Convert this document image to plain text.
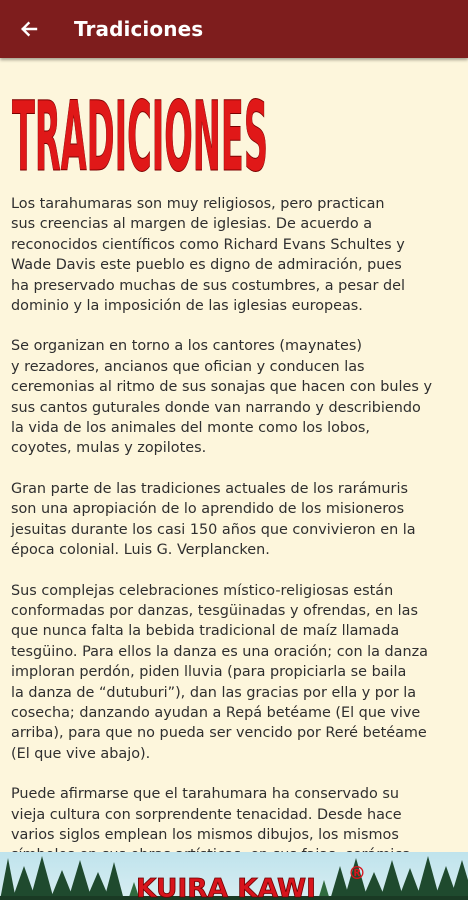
Tradiciones
TRADICIONES

Los tarahumaras son muy religiosos, pero practican
sus creencias al margen de iglesias. De acuerdo a
reconocidos científicos como Richard Evans Schultes y
Wade Davis este pueblo es digno de admiración, pues
ha preservado muchas de sus costumbres, a pesar del
dominio y la imposición de las iglesias europeas.

Se organizan en torno a los cantores (maynates)
y rezadores, ancianos que ofician y conducen las
ceremonias al ritmo de sus sonajas que hacen con bules y
sus cantos guturales donde van narrando y describiendo
la vida de los animales del monte como los lobos,
coyotes, mulas y zopilotes.

Gran parte de las tradiciones actuales de los rarámuris
son una apropiación de lo aprendido de los misioneros
jesuitas durante los casi 150 años que convivieron en la
época colonial. Luis G. Verplancken.

Sus complejas celebraciones místico-religiosas están
conformadas por danzas, tesgüinadas y ofrendas, en las
que nunca falta la bebida tradicional de maíz llamada
tesgüino. Para ellos la danza es una oración; con la danza
imploran perdón, piden lluvia (para propiciarla se baila
la danza de “dutuburi”), dan las gracias por ella y por la
cosecha; danzando ayudan a Repá betéame (El que vive
arriba), para que no pueda ser vencido por Reré betéame
(El que vive abajo).

Puede afirmarse que el tarahumara ha conservado su
vieja cultura con sorprendente tenacidad. Desde hace
varios siglos emplean los mismos dibujos, los mismos

KUIRA KAWI
®
